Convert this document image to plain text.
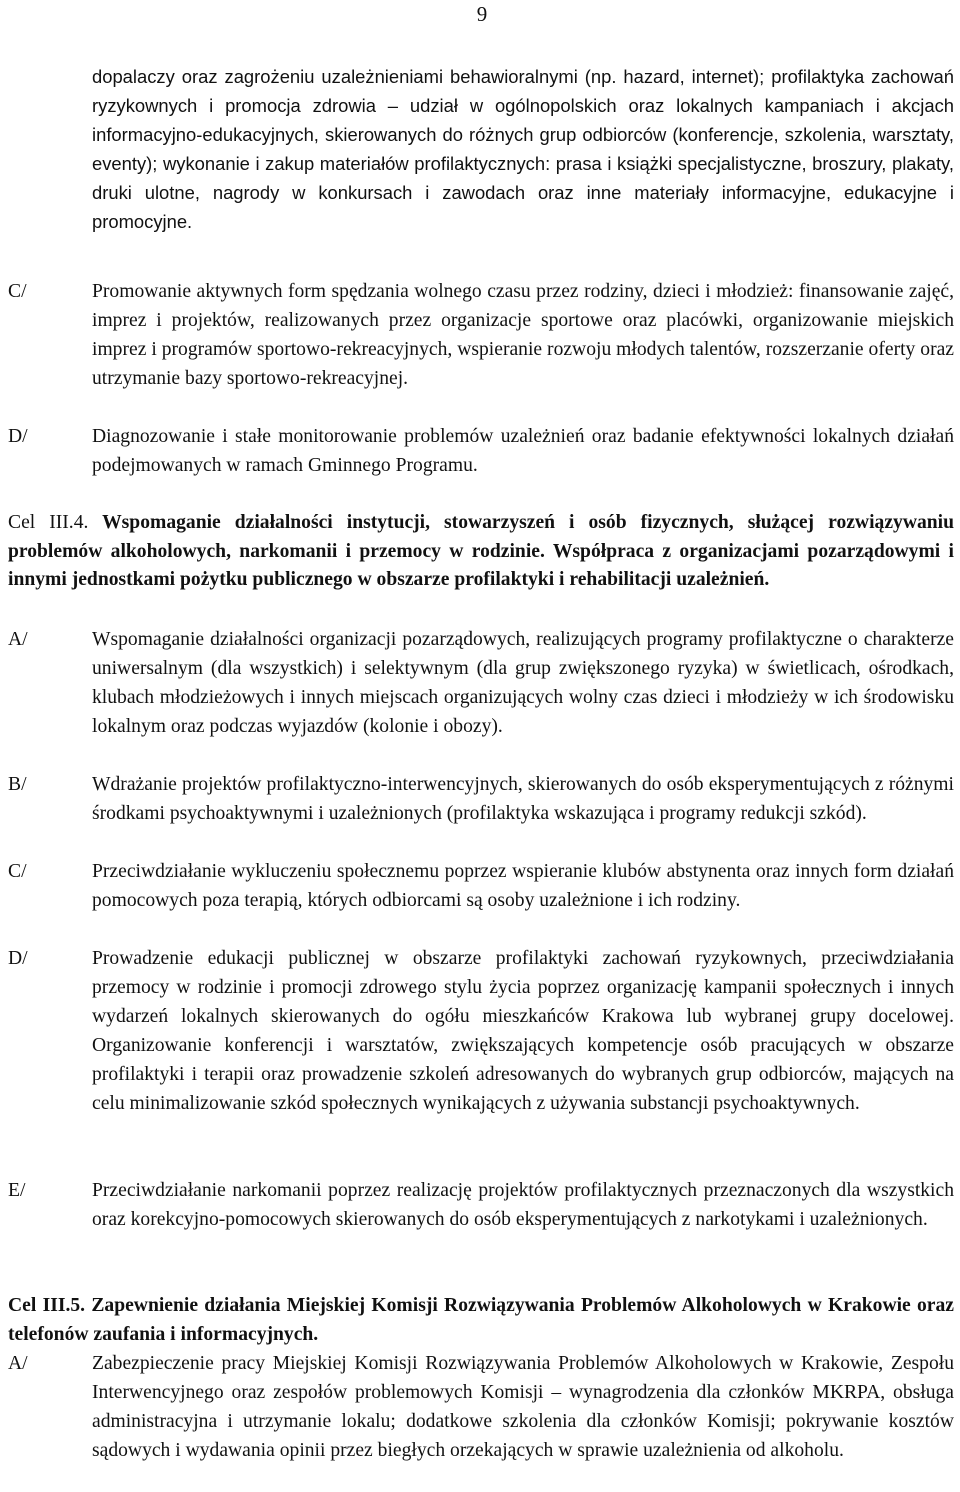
9
dopalaczy oraz zagrożeniu uzależnieniami behawioralnymi (np. hazard, internet); profilaktyka zachowań ryzykownych i promocja zdrowia – udział w ogólnopolskich oraz lokalnych kampaniach i akcjach informacyjno-edukacyjnych, skierowanych do różnych grup odbiorców (konferencje, szkolenia, warsztaty, eventy); wykonanie i zakup materiałów profilaktycznych: prasa i książki specjalistyczne, broszury, plakaty, druki ulotne, nagrody w konkursach i zawodach oraz inne materiały informacyjne, edukacyjne i promocyjne.
C/	Promowanie aktywnych form spędzania wolnego czasu przez rodziny, dzieci i młodzież: finansowanie zajęć, imprez i projektów, realizowanych przez organizacje sportowe oraz placówki, organizowanie miejskich imprez i programów sportowo-rekreacyjnych, wspieranie rozwoju młodych talentów, rozszerzanie oferty oraz utrzymanie bazy sportowo-rekreacyjnej.
D/	Diagnozowanie i stałe monitorowanie problemów uzależnień oraz badanie efektywności lokalnych działań podejmowanych w ramach Gminnego Programu.
Cel III.4. Wspomaganie działalności instytucji, stowarzyszeń i osób fizycznych, służącej rozwiązywaniu problemów alkoholowych, narkomanii i przemocy w rodzinie. Współpraca z organizacjami pozarządowymi i innymi jednostkami pożytku publicznego w obszarze profilaktyki i rehabilitacji uzależnień.
A/	Wspomaganie działalności organizacji pozarządowych, realizujących programy profilaktyczne o charakterze uniwersalnym (dla wszystkich) i selektywnym (dla grup zwiększonego ryzyka) w świetlicach, ośrodkach, klubach młodzieżowych i innych miejscach organizujących wolny czas dzieci i młodzieży w ich środowisku lokalnym oraz podczas wyjazdów (kolonie i obozy).
B/	Wdrażanie projektów profilaktyczno-interwencyjnych, skierowanych do osób eksperymentujących z różnymi środkami psychoaktywnymi i uzależnionych (profilaktyka wskazująca i programy redukcji szkód).
C/	Przeciwdziałanie wykluczeniu społecznemu poprzez wspieranie klubów abstynenta oraz innych form działań pomocowych poza terapią, których odbiorcami są osoby uzależnione i ich rodziny.
D/	Prowadzenie edukacji publicznej w obszarze profilaktyki zachowań ryzykownych, przeciwdziałania przemocy w rodzinie i promocji zdrowego stylu życia poprzez organizację kampanii społecznych i innych wydarzeń lokalnych skierowanych do ogółu mieszkańców Krakowa lub wybranej grupy docelowej. Organizowanie konferencji i warsztatów, zwiększających kompetencje osób pracujących w obszarze profilaktyki i terapii oraz prowadzenie szkoleń adresowanych do wybranych grup odbiorców, mających na celu minimalizowanie szkód społecznych wynikających z używania substancji psychoaktywnych.
E/	Przeciwdziałanie narkomanii poprzez realizację projektów profilaktycznych przeznaczonych dla wszystkich oraz korekcyjno-pomocowych skierowanych do osób eksperymentujących z narkotykami i uzależnionych.
Cel III.5. Zapewnienie działania Miejskiej Komisji Rozwiązywania Problemów Alkoholowych w Krakowie oraz telefonów zaufania i informacyjnych.
A/	Zabezpieczenie pracy Miejskiej Komisji Rozwiązywania Problemów Alkoholowych w Krakowie, Zespołu Interwencyjnego oraz zespołów problemowych Komisji – wynagrodzenia dla członków MKRPA, obsługa administracyjna i utrzymanie lokalu; dodatkowe szkolenia dla członków Komisji; pokrywanie kosztów sądowych i wydawania opinii przez biegłych orzekających w sprawie uzależnienia od alkoholu.
